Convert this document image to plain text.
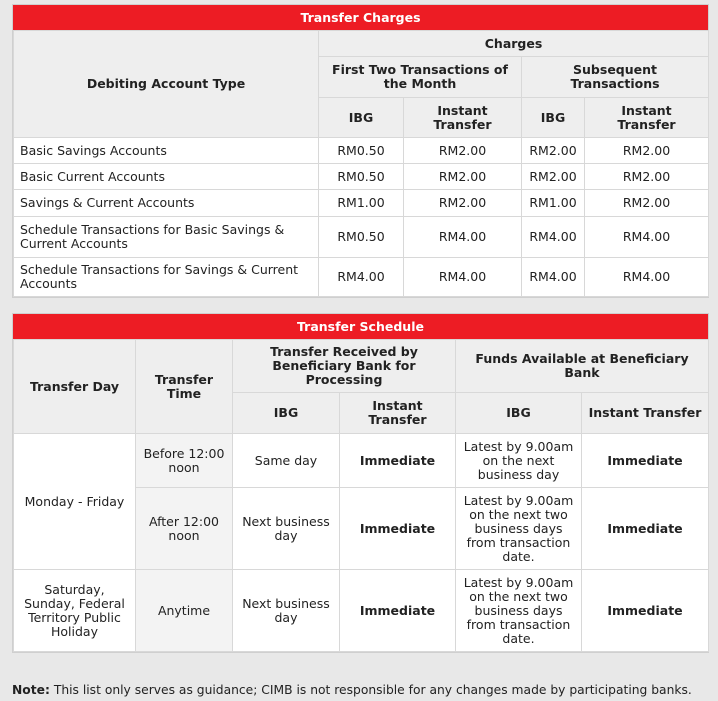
Transfer Charges
Debiting Account Type	Charges			
	First Two Transactions of the Month		Subsequent Transactions	
	IBG	Instant Transfer	IBG	Instant Transfer
Basic Savings Accounts	RM0.50	RM2.00	RM2.00	RM2.00
Basic Current Accounts	RM0.50	RM2.00	RM2.00	RM2.00
Savings & Current Accounts	RM1.00	RM2.00	RM1.00	RM2.00
Schedule Transactions for Basic Savings & Current Accounts	RM0.50	RM4.00	RM4.00	RM4.00
Schedule Transactions for Savings & Current Accounts	RM4.00	RM4.00	RM4.00	RM4.00
Transfer Schedule
Transfer Day	Transfer Time	Transfer Received by Beneficiary Bank for Processing		Funds Available at Beneficiary Bank	
		IBG	Instant Transfer	IBG	Instant Transfer
Monday - Friday	Before 12:00 noon	Same day	Immediate	Latest by 9.00am on the next business day	Immediate
	After 12:00 noon	Next business day	Immediate	Latest by 9.00am on the next two business days from transaction date.	Immediate
Saturday, Sunday, Federal Territory Public Holiday	Anytime	Next business day	Immediate	Latest by 9.00am on the next two business days from transaction date.	Immediate
Note: This list only serves as guidance; CIMB is not responsible for any changes made by participating banks.
